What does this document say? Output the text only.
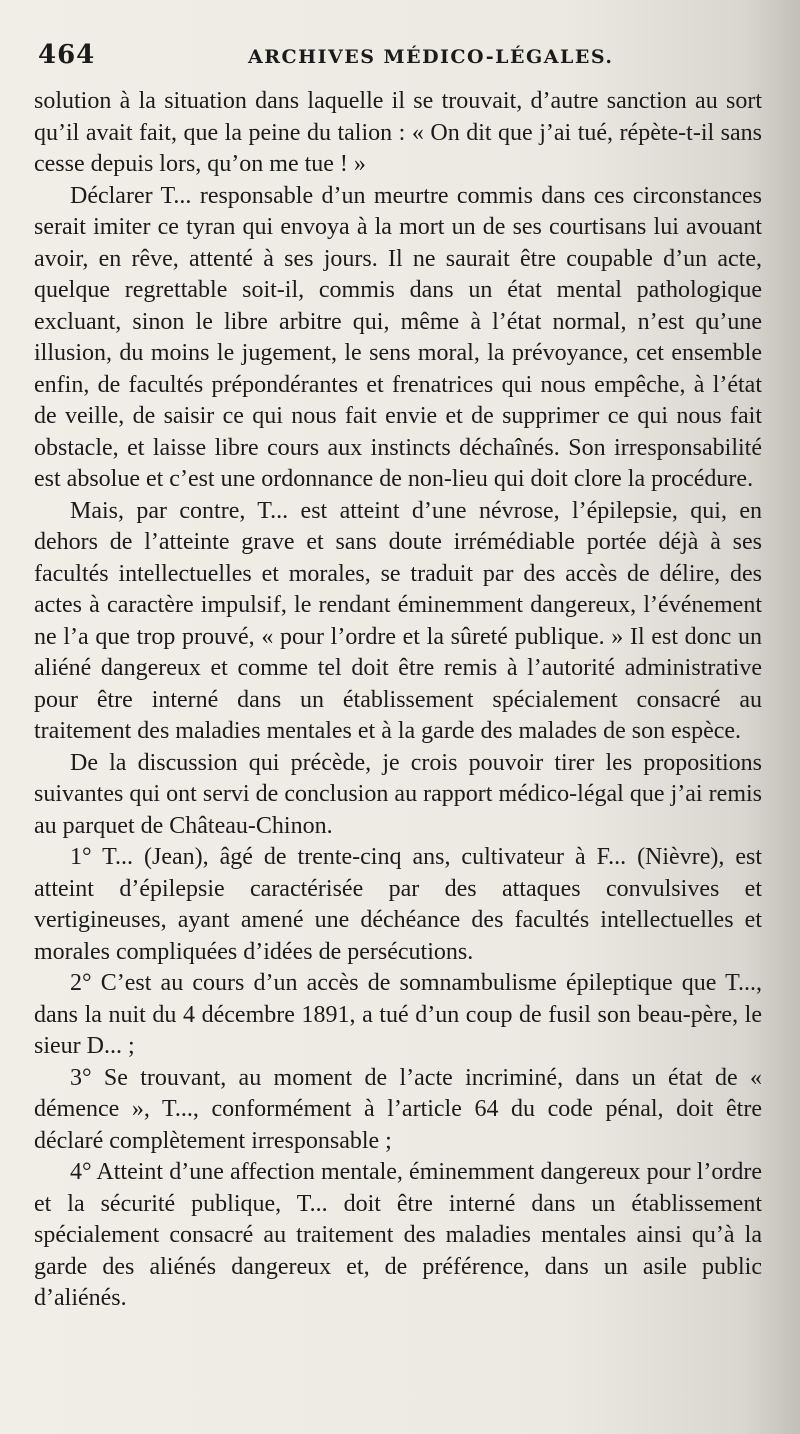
464	ARCHIVES MÉDICO-LÉGALES.

solution à la situation dans laquelle il se trouvait, d’autre sanction au sort qu’il avait fait, que la peine du talion : « On dit que j’ai tué, répète-t-il sans cesse depuis lors, qu’on me tue ! »

Déclarer T... responsable d’un meurtre commis dans ces circonstances serait imiter ce tyran qui envoya à la mort un de ses courtisans lui avouant avoir, en rêve, attenté à ses jours. Il ne saurait être coupable d’un acte, quelque regrettable soit-il, commis dans un état mental pathologique excluant, sinon le libre arbitre qui, même à l’état normal, n’est qu’une illusion, du moins le jugement, le sens moral, la prévoyance, cet ensemble enfin, de facultés prépondérantes et frenatrices qui nous empêche, à l’état de veille, de saisir ce qui nous fait envie et de supprimer ce qui nous fait obstacle, et laisse libre cours aux instincts déchaînés. Son irresponsabilité est absolue et c’est une ordonnance de non-lieu qui doit clore la procédure.

Mais, par contre, T... est atteint d’une névrose, l’épilepsie, qui, en dehors de l’atteinte grave et sans doute irrémédiable portée déjà à ses facultés intellectuelles et morales, se traduit par des accès de délire, des actes à caractère impulsif, le rendant éminemment dangereux, l’événement ne l’a que trop prouvé, « pour l’ordre et la sûreté publique. » Il est donc un aliéné dangereux et comme tel doit être remis à l’autorité administrative pour être interné dans un établissement spécialement consacré au traitement des maladies mentales et à la garde des malades de son espèce.

De la discussion qui précède, je crois pouvoir tirer les propositions suivantes qui ont servi de conclusion au rapport médico-légal que j’ai remis au parquet de Château-Chinon.

1° T... (Jean), âgé de trente-cinq ans, cultivateur à F... (Nièvre), est atteint d’épilepsie caractérisée par des attaques convulsives et vertigineuses, ayant amené une déchéance des facultés intellectuelles et morales compliquées d’idées de persécutions.

2° C’est au cours d’un accès de somnambulisme épileptique que T..., dans la nuit du 4 décembre 1891, a tué d’un coup de fusil son beau-père, le sieur D... ;

3° Se trouvant, au moment de l’acte incriminé, dans un état de « démence », T..., conformément à l’article 64 du code pénal, doit être déclaré complètement irresponsable ;

4° Atteint d’une affection mentale, éminemment dangereux pour l’ordre et la sécurité publique, T... doit être interné dans un établissement spécialement consacré au traitement des maladies mentales ainsi qu’à la garde des aliénés dangereux et, de préférence, dans un asile public d’aliénés.
